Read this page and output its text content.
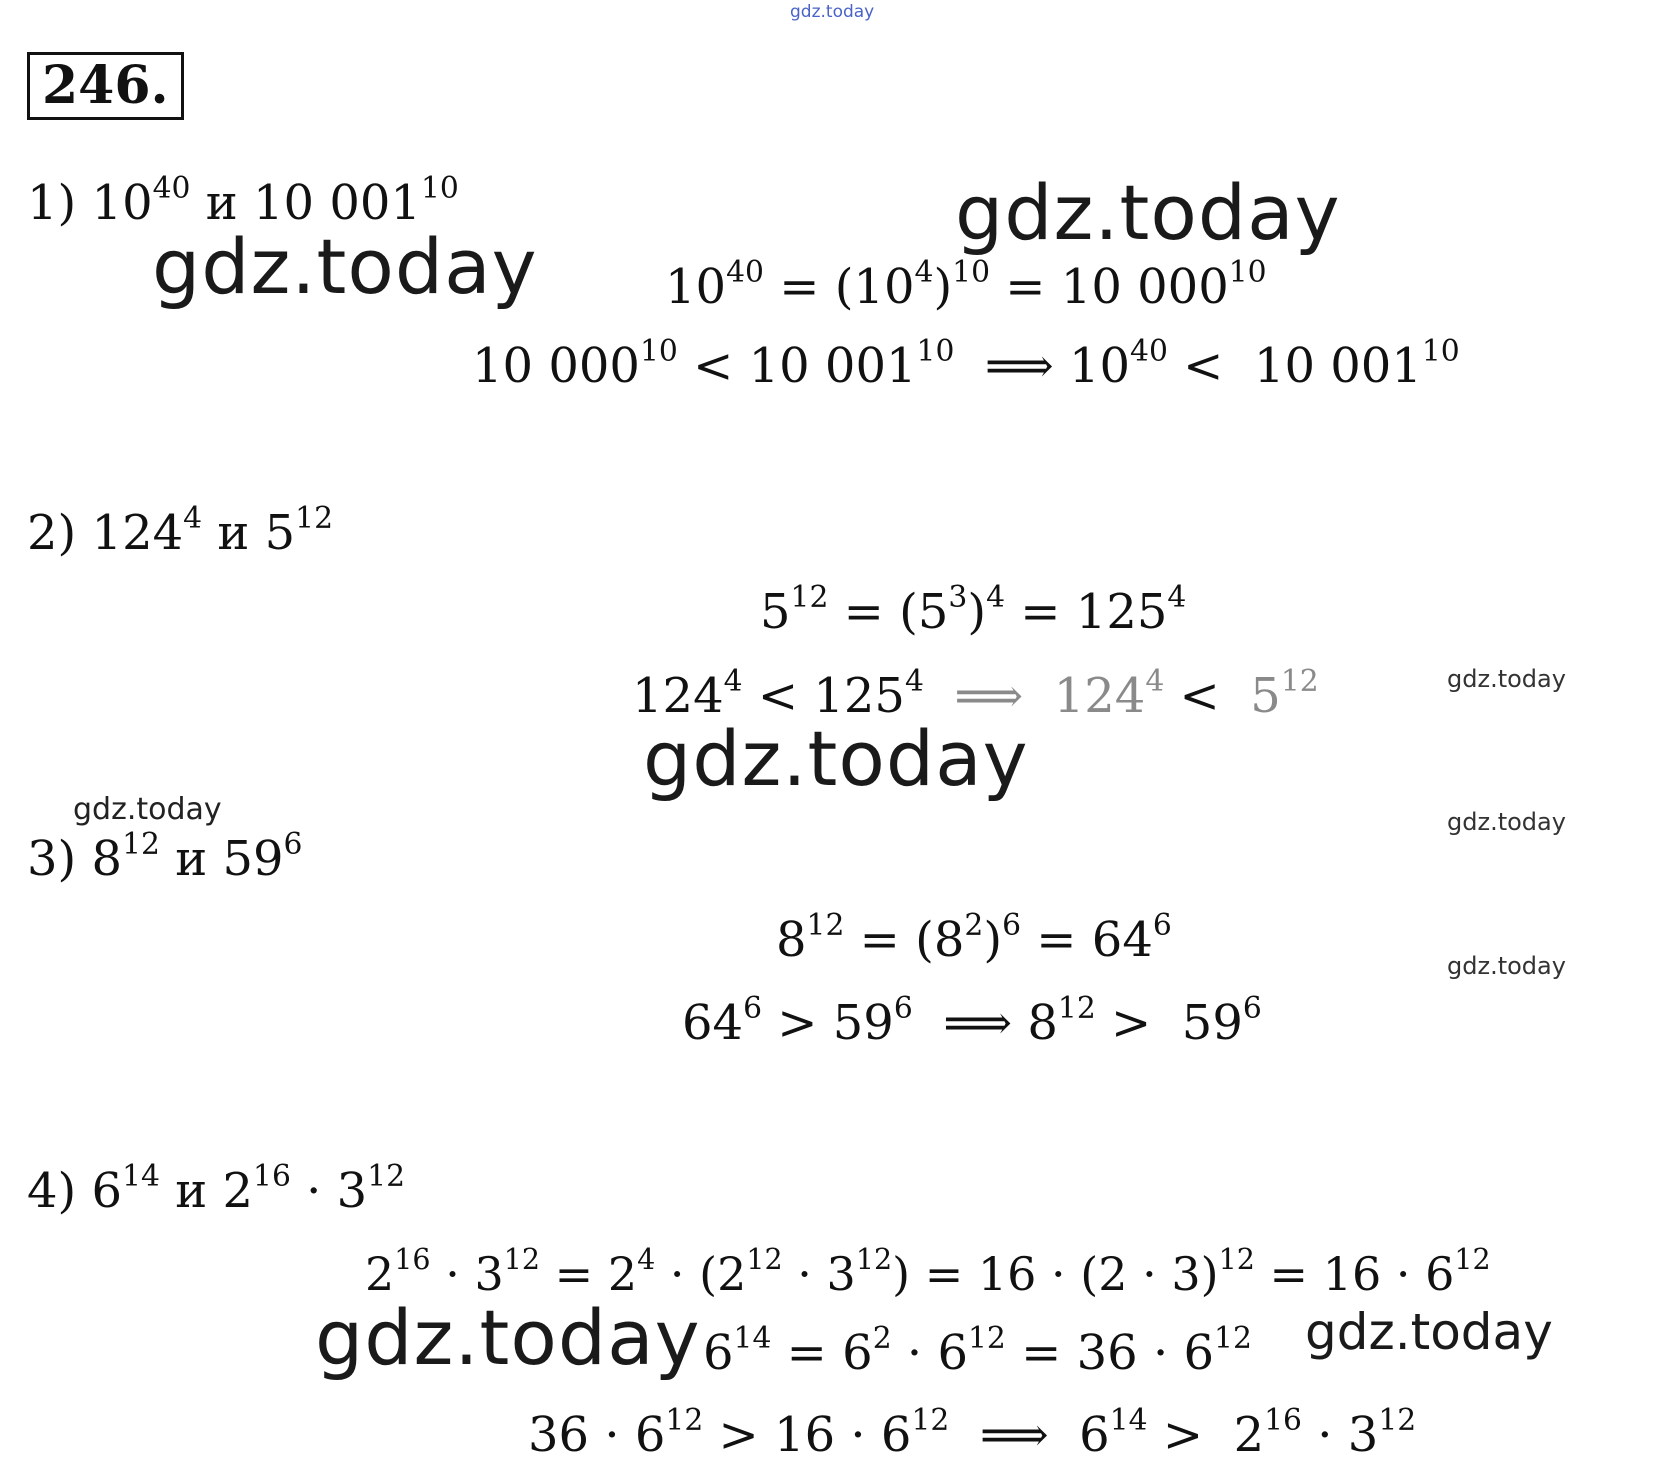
gdz.today
246.
1) $10^{40}$ и 10 $001^{10}$
$10^{40} = (10^4)^{10} = 10$ $000^{10}$
10 $000^{10} < 10$ $001^{10}$ ⟹ $10^{40} < 10$ $001^{10}$
2) $124^4$ и $5^{12}$
$5^{12} = (5^3)^4 = 125^4$
$124^4 < 125^4$ ⟹ $124^4 < 5^{12}$
3) $8^{12}$ и $59^6$
$8^{12} = (8^2)^6 = 64^6$
$64^6 > 59^6$ ⟹ $8^{12} > 59^6$
4) $6^{14}$ и $2^{16} \cdot 3^{12}$
$2^{16} \cdot 3^{12} = 2^4 \cdot (2^{12} \cdot 3^{12}) = 16 \cdot (2 \cdot 3)^{12} = 16 \cdot 6^{12}$
$6^{14} = 6^2 \cdot 6^{12} = 36 \cdot 6^{12}$
$36 \cdot 6^{12} > 16 \cdot 6^{12}$ ⟹ $6^{14} > 2^{16} \cdot 3^{12}$
gdz.today
gdz.today
gdz.today
gdz.today	gdz.today
gdz.today
gdz.today	gdz.today
gdz.today
